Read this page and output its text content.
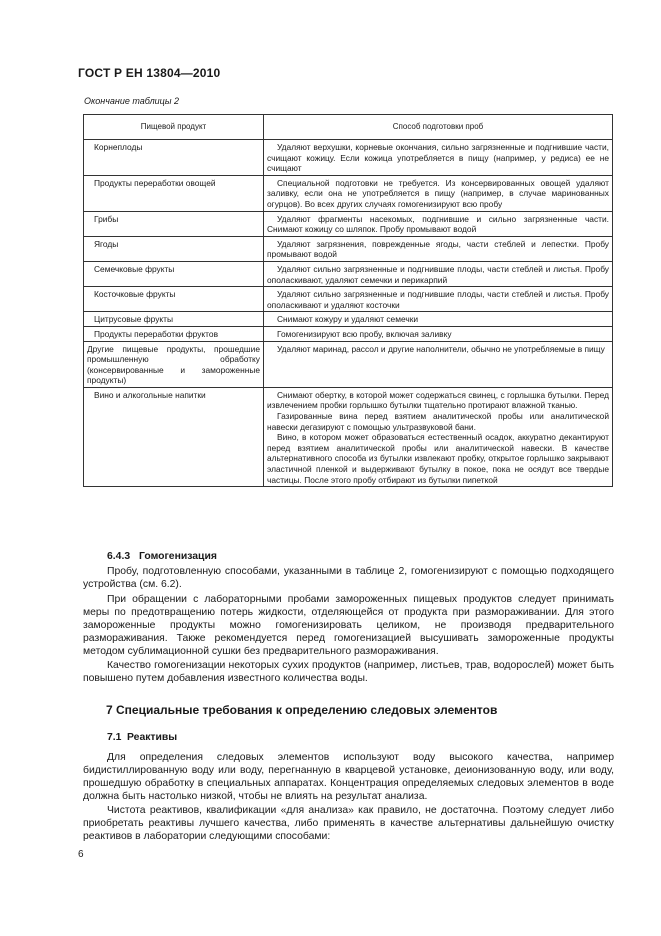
ГОСТ Р ЕН 13804—2010
Окончание таблицы 2
Пищевой продукт	Способ подготовки проб
Корнеплоды	Удаляют верхушки, корневые окончания, сильно загрязненные и подгнившие части, счищают кожицу. Если кожица употребляется в пищу (например, у редиса) ее не счищают

Продукты переработки овощей	Специальной подготовки не требуется. Из консервированных овощей удаляют заливку, если она не употребляется в пищу (например, в случае маринованных огурцов). Во всех других случаях гомогенизируют всю пробу

Грибы	Удаляют фрагменты насекомых, подгнившие и сильно загрязненные части. Снимают кожицу со шляпок. Пробу промывают водой

Ягоды	Удаляют загрязнения, поврежденные ягоды, части стеблей и лепестки. Пробу промывают водой

Семечковые фрукты	Удаляют сильно загрязненные и подгнившие плоды, части стеблей и листья. Пробу ополаскивают, удаляют семечки и перикарпий

Косточковые фрукты	Удаляют сильно загрязненные и подгнившие плоды, части стеблей и листья. Пробу ополаскивают и удаляют косточки

Цитрусовые фрукты	Снимают кожуру и удаляют семечки

Продукты переработки фруктов	Гомогенизируют всю пробу, включая заливку

Другие пищевые продукты, прошедшие промышленную обработку (консервированные и замороженные продукты)	Удаляют маринад, рассол и другие наполнители, обычно не употребляемые в пищу

Вино и алкогольные напитки	Снимают обертку, в которой может содержаться свинец, с горлышка бутылки. Перед извлечением пробки горлышко бутылки тщательно протирают влажной тканью.

Газированные вина перед взятием аналитической пробы или аналитической навески дегазируют с помощью ультразвуковой бани.

Вино, в котором может образоваться естественный осадок, аккуратно декантируют перед взятием аналитической пробы или аналитической навески. В качестве альтернативного способа из бутылки извлекают пробку, открытое горлышко закрывают эластичной пленкой и выдерживают бутылку в покое, пока не осядут все твердые частицы. После этого пробу отбирают из бутылки пипеткой

6.4.3 Гомогенизация

Пробу, подготовленную способами, указанными в таблице 2, гомогенизируют с помощью подходящего устройства (см. 6.2).

При обращении с лабораторными пробами замороженных пищевых продуктов следует принимать меры по предотвращению потерь жидкости, отделяющейся от продукта при размораживании. Для этого замороженные продукты можно гомогенизировать целиком, не производя предварительного размораживания. Также рекомендуется перед гомогенизацией высушивать замороженные продукты методом сублимационной сушки без предварительного размораживания.

Качество гомогенизации некоторых сухих продуктов (например, листьев, трав, водорослей) может быть повышено путем добавления известного количества воды.

7 Специальные требования к определению следовых элементов
7.1 Реактивы

Для определения следовых элементов используют воду высокого качества, например бидистиллированную воду или воду, перегнанную в кварцевой установке, деионизованную воду, или воду, прошедшую обработку в специальных аппаратах. Концентрация определяемых следовых элементов в воде должна быть настолько низкой, чтобы не влиять на результат анализа.

Чистота реактивов, квалификации «для анализа» как правило, не достаточна. Поэтому следует либо приобретать реактивы лучшего качества, либо применять в качестве альтернативы дальнейшую очистку реактивов в лаборатории следующими способами:

6
